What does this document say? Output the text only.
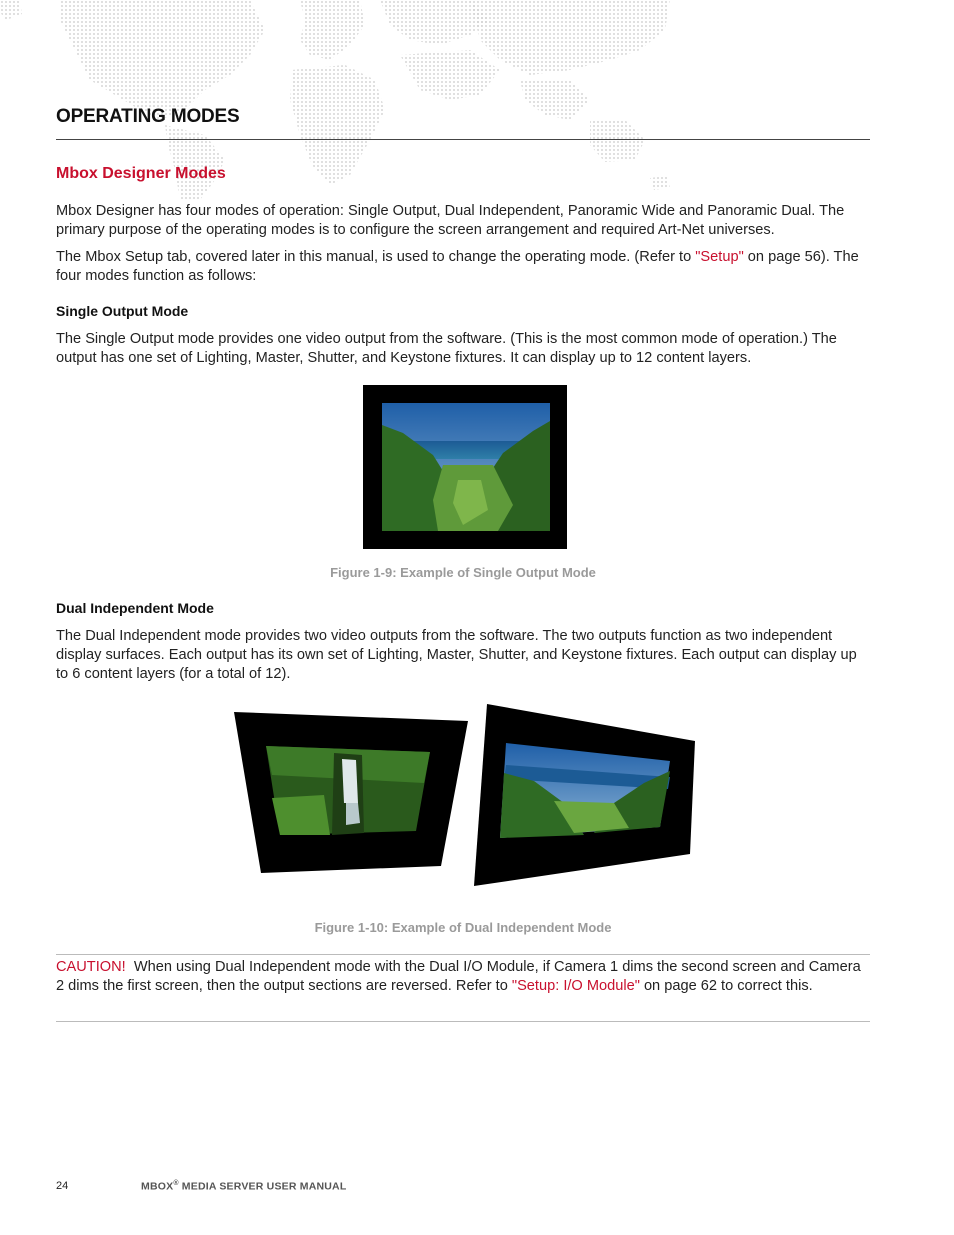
OPERATING MODES
Mbox Designer Modes

Mbox Designer has four modes of operation: Single Output, Dual Independent, Panoramic Wide and Panoramic Dual. The primary purpose of the operating modes is to configure the screen arrangement and required Art-Net universes.

The Mbox Setup tab, covered later in this manual, is used to change the operating mode. (Refer to "Setup" on page 56). The four modes function as follows:

Single Output Mode

The Single Output mode provides one video output from the software. (This is the most common mode of operation.) The output has one set of Lighting, Master, Shutter, and Keystone fixtures. It can display up to 12 content layers.

Figure 1-9: Example of Single Output Mode
Dual Independent Mode

The Dual Independent mode provides two video outputs from the software. The two outputs function as two independent display surfaces. Each output has its own set of Lighting, Master, Shutter, and Keystone fixtures. Each output can display up to 6 content layers (for a total of 12).

Figure 1-10: Example of Dual Independent Mode

CAUTION!  When using Dual Independent mode with the Dual I/O Module, if Camera 1 dims the second screen and Camera 2 dims the first screen, then the output sections are reversed. Refer to "Setup: I/O Module" on page 62 to correct this.

24	MBOX® MEDIA SERVER USER MANUAL
